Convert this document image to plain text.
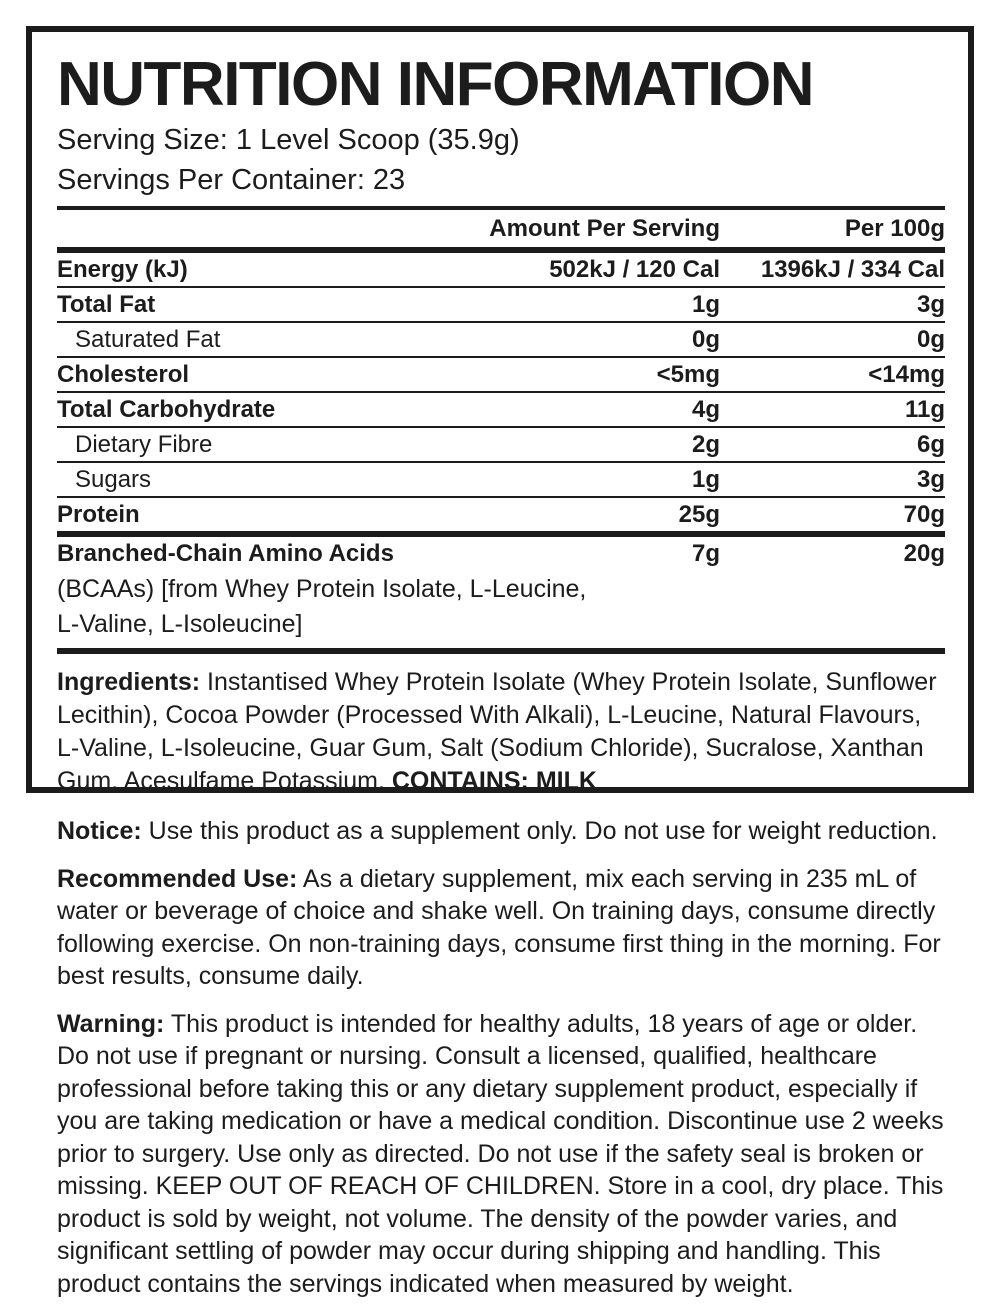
NUTRITION INFORMATION
Serving Size: 1 Level Scoop (35.9g)
Servings Per Container: 23
Amount Per Serving	Per 100g
Energy (kJ)	502kJ / 120 Cal	1396kJ / 334 Cal
Total Fat	1g	3g
Saturated Fat	0g	0g
Cholesterol	<5mg	<14mg
Total Carbohydrate	4g	11g
Dietary Fibre	2g	6g
Sugars	1g	3g
Protein	25g	70g
Branched-Chain Amino Acids	7g	20g
(BCAAs) [from Whey Protein Isolate, L-Leucine,
L-Valine, L-Isoleucine]
Ingredients: Instantised Whey Protein Isolate (Whey Protein Isolate, Sunflower Lecithin), Cocoa Powder (Processed With Alkali), L-Leucine, Natural Flavours, L-Valine, L-Isoleucine, Guar Gum, Salt (Sodium Chloride), Sucralose, Xanthan Gum, Acesulfame Potassium. CONTAINS: MILK
Notice: Use this product as a supplement only. Do not use for weight reduction.
Recommended Use: As a dietary supplement, mix each serving in 235 mL of water or beverage of choice and shake well. On training days, consume directly following exercise. On non-training days, consume first thing in the morning. For best results, consume daily.
Warning: This product is intended for healthy adults, 18 years of age or older. Do not use if pregnant or nursing. Consult a licensed, qualified, healthcare professional before taking this or any dietary supplement product, especially if you are taking medication or have a medical condition. Discontinue use 2 weeks prior to surgery. Use only as directed. Do not use if the safety seal is broken or missing. KEEP OUT OF REACH OF CHILDREN. Store in a cool, dry place. This product is sold by weight, not volume. The density of the powder varies, and significant settling of powder may occur during shipping and handling. This product contains the servings indicated when measured by weight.
